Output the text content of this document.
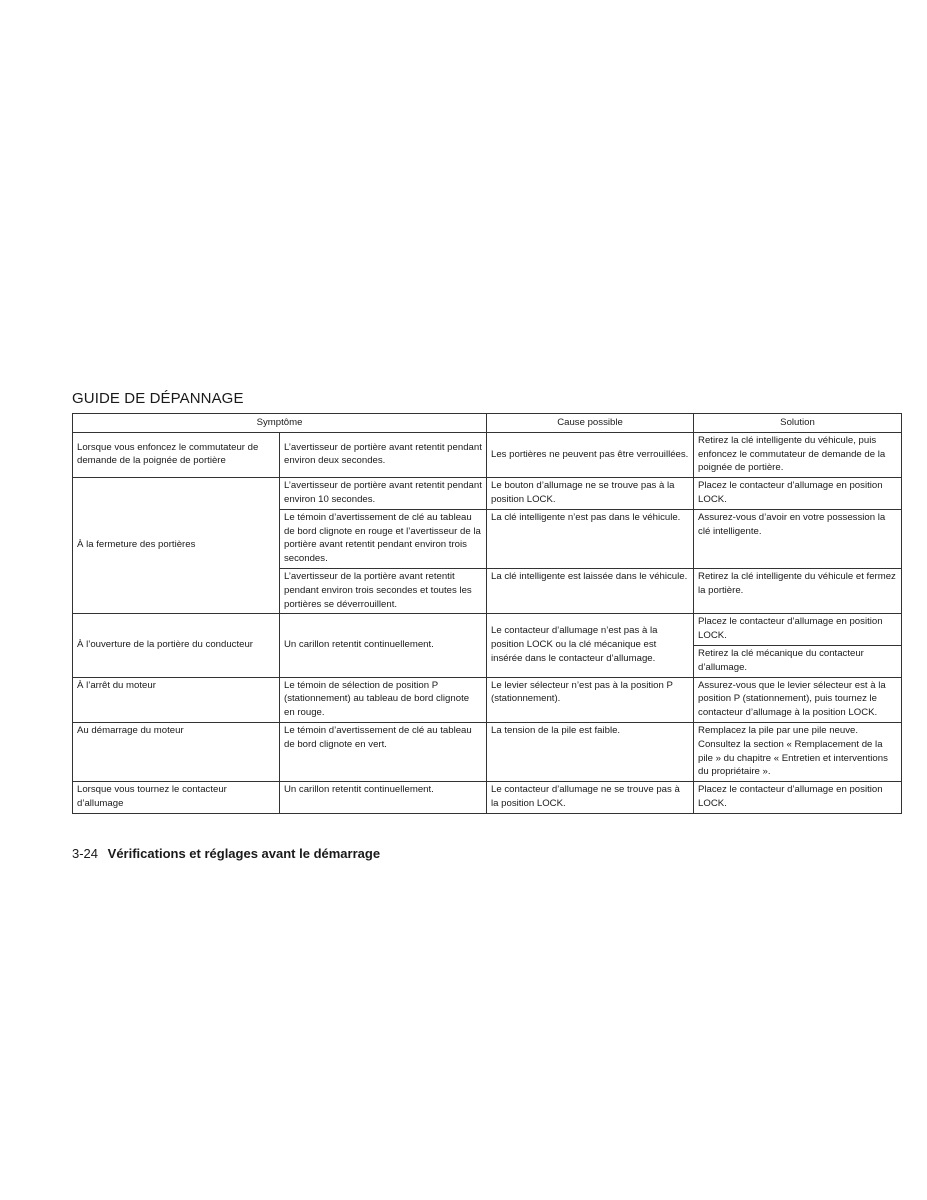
GUIDE DE DÉPANNAGE
Symptôme		Cause possible	Solution
Lorsque vous enfoncez le commutateur de demande de la poignée de portière	L’avertisseur de portière avant retentit pendant environ deux secondes.	Les portières ne peuvent pas être verrouillées.	Retirez la clé intelligente du véhicule, puis enfoncez le commutateur de demande de la poignée de portière.
À la fermeture des portières	L’avertisseur de portière avant retentit pendant environ 10 secondes.	Le bouton d’allumage ne se trouve pas à la position LOCK.	Placez le contacteur d’allumage en position LOCK.
	Le témoin d’avertissement de clé au tableau de bord clignote en rouge et l’avertisseur de la portière avant retentit pendant environ trois secondes.	La clé intelligente n’est pas dans le véhicule.	Assurez-vous d’avoir en votre possession la clé intelligente.
	L’avertisseur de la portière avant retentit pendant environ trois secondes et toutes les portières se déverrouillent.	La clé intelligente est laissée dans le véhicule.	Retirez la clé intelligente du véhicule et fermez la portière.
À l’ouverture de la portière du conducteur	Un carillon retentit continuellement.	Le contacteur d’allumage n’est pas à la position LOCK ou la clé mécanique est insérée dans le contacteur d’allumage.	Placez le contacteur d’allumage en position LOCK.
			Retirez la clé mécanique du contacteur d’allumage.
À l’arrêt du moteur	Le témoin de sélection de position P (stationnement) au tableau de bord clignote en rouge.	Le levier sélecteur n’est pas à la position P (stationnement).	Assurez-vous que le levier sélecteur est à la position P (stationnement), puis tournez le contacteur d’allumage à la position LOCK.
Au démarrage du moteur	Le témoin d’avertissement de clé au tableau de bord clignote en vert.	La tension de la pile est faible.	Remplacez la pile par une pile neuve. Consultez la section « Remplacement de la pile » du chapitre « Entretien et interventions du propriétaire ».
Lorsque vous tournez le contacteur d’allumage	Un carillon retentit continuellement.	Le contacteur d’allumage ne se trouve pas à la position LOCK.	Placez le contacteur d’allumage en position LOCK.
3-24 Vérifications et réglages avant le démarrage
